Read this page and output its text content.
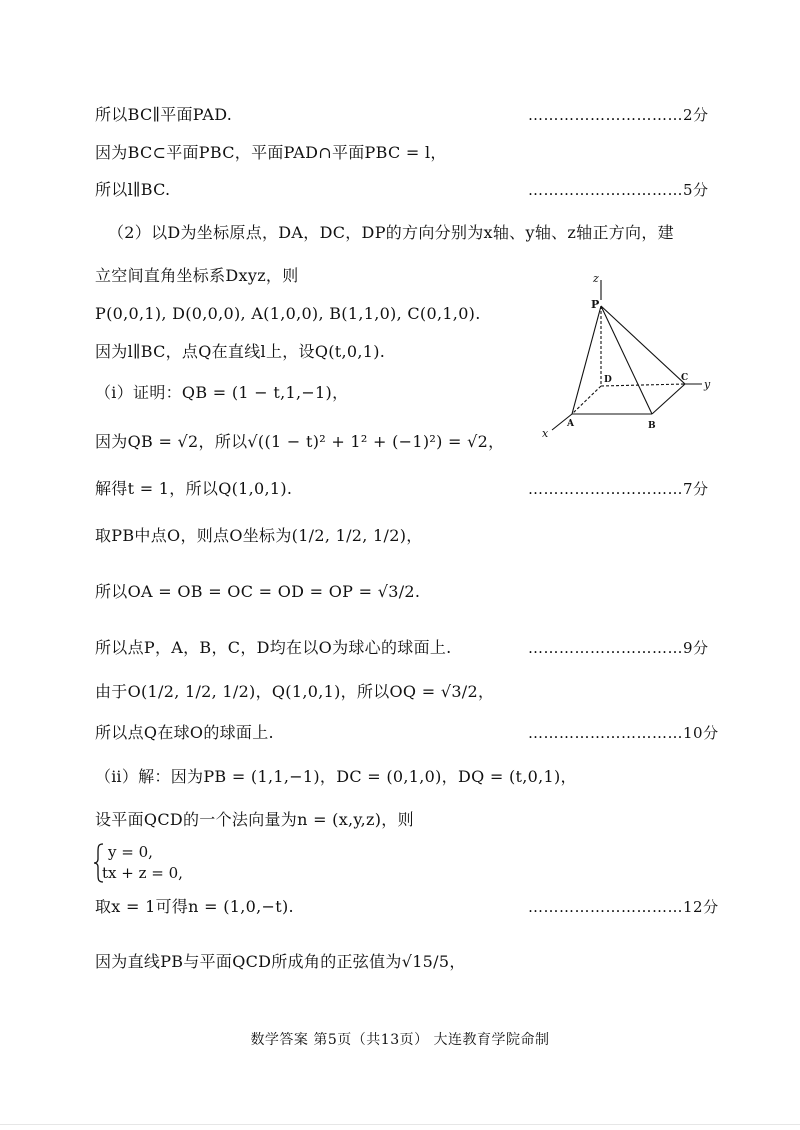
所以BC∥平面PAD.	…………………………2分
因为BC⊂平面PBC，平面PAD∩平面PBC = l，
所以l∥BC.	…………………………5分
（2）以D为坐标原点，DA，DC，DP的方向分别为x轴、y轴、z轴正方向，建
立空间直角坐标系Dxyz，则
P(0,0,1), D(0,0,0), A(1,0,0), B(1,1,0), C(0,1,0).
因为l∥BC，点Q在直线l上，设Q(t,0,1).
（ⅰ）证明：QB = (1 − t,1,−1)，
因为QB = √2，所以√((1 − t)² + 1² + (−1)²) = √2，
解得t = 1，所以Q(1,0,1).	…………………………7分
取PB中点O，则点O坐标为(1/2, 1/2, 1/2)，
所以OA = OB = OC = OD = OP = √3/2.
所以点P，A，B，C，D均在以O为球心的球面上.	…………………………9分
由于O(1/2, 1/2, 1/2)，Q(1,0,1)，所以OQ = √3/2，
所以点Q在球O的球面上.	…………………………10分
（ⅱ）解：因为PB = (1,1,−1)，DC = (0,1,0)，DQ = (t,0,1)，
设平面QCD的一个法向量为n = (x,y,z)，则
y = 0,
tx + z = 0,
取x = 1可得n = (1,0,−t).	…………………………12分
因为直线PB与平面QCD所成角的正弦值为√15/5，
P
z
D	C y
A	B
x
数学答案 第5页（共13页） 大连教育学院命制
